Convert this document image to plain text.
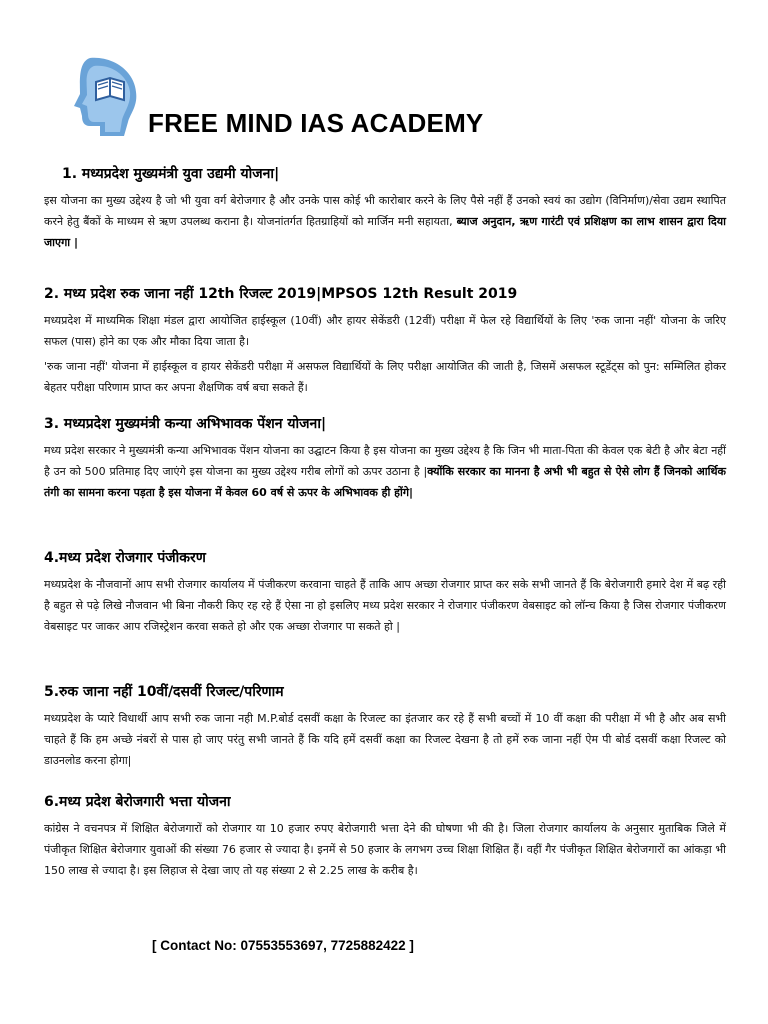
FREE MIND IAS ACADEMY
1. मध्यप्रदेश मुख्यमंत्री युवा उद्यमी योजना|

इस योजना का मुख्य उद्देश्य है जो भी युवा वर्ग बेरोजगार है और उनके पास कोई भी कारोबार करने के लिए पैसे नहीं हैं उनको स्वयं का उद्योग (विनिर्माण)/सेवा उद्यम स्थापित करने हेतु बैंकों के माध्यम से ऋण उपलब्ध कराना है। योजनांतर्गत हितग्राहियों को मार्जिन मनी सहायता, ब्याज अनुदान, ऋण गारंटी एवं प्रशिक्षण का लाभ शासन द्वारा दिया जाएगा |

2. मध्य प्रदेश रुक जाना नहीं 12th रिजल्ट 2019|MPSOS 12th Result 2019

मध्यप्रदेश में माध्यमिक शिक्षा मंडल द्वारा आयोजित हाईस्कूल (10वीं) और हायर सेकेंडरी (12वीं) परीक्षा में फेल रहे विद्यार्थियों के लिए 'रुक जाना नहीं' योजना के जरिए सफल (पास) होने का एक और मौका दिया जाता है।

'रुक जाना नहीं' योजना में हाईस्कूल व हायर सेकेंडरी परीक्षा में असफल विद्यार्थियों के लिए परीक्षा आयोजित की जाती है, जिसमें असफल स्टूडेंट्स को पुन: सम्मिलित होकर बेहतर परीक्षा परिणाम प्राप्त कर अपना शैक्षणिक वर्ष बचा सकते हैं।

3. मध्यप्रदेश मुख्यमंत्री कन्या अभिभावक पेंशन योजना|

मध्य प्रदेश सरकार ने मुख्यमंत्री कन्या अभिभावक पेंशन योजना का उद्घाटन किया है इस योजना का मुख्य उद्देश्य है कि जिन भी माता-पिता की केवल एक बेटी है और बेटा नहीं है उन को 500 प्रतिमाह दिए जाएंगे इस योजना का मुख्य उद्देश्य गरीब लोगों को ऊपर उठाना है |क्योंकि सरकार का मानना है अभी भी बहुत से ऐसे लोग हैं जिनको आर्थिक तंगी का सामना करना पड़ता है इस योजना में केवल 60 वर्ष से ऊपर के अभिभावक ही होंगे|

4.मध्य प्रदेश रोजगार पंजीकरण

मध्यप्रदेश के नौजवानों आप सभी रोजगार कार्यालय में पंजीकरण करवाना चाहते हैं ताकि आप अच्छा रोजगार प्राप्त कर सके सभी जानते हैं कि बेरोजगारी हमारे देश में बढ़ रही है बहुत से पढ़े लिखे नौजवान भी बिना नौकरी किए रह रहे हैं ऐसा ना हो इसलिए मध्य प्रदेश सरकार ने रोजगार पंजीकरण वेबसाइट को लॉन्च किया है जिस रोजगार पंजीकरण वेबसाइट पर जाकर आप रजिस्ट्रेशन करवा सकते हो और एक अच्छा रोजगार पा सकते हो |

5.रुक जाना नहीं 10वीं/दसवीं रिजल्ट/परिणाम

मध्यप्रदेश के प्यारे विधार्थी आप सभी रुक जाना नही M.P.बोर्ड दसवीं कक्षा के रिजल्ट का इंतजार कर रहे हैं सभी बच्चों में 10 वीं कक्षा की परीक्षा में भी है और अब सभी चाहते हैं कि हम अच्छे नंबरों से पास हो जाए परंतु सभी जानते हैं कि यदि हमें दसवीं कक्षा का रिजल्ट देखना है तो हमें रुक जाना नहीं ऐम पी बोर्ड दसवीं कक्षा रिजल्ट को डाउनलोड करना होगा|

6.मध्य प्रदेश बेरोजगारी भत्ता योजना

कांग्रेस ने वचनपत्र में शिक्षित बेरोजगारों को रोजगार या 10 हजार रुपए बेरोजगारी भत्ता देने की घोषणा भी की है। जिला रोजगार कार्यालय के अनुसार मुताबिक जिले में पंजीकृत शिक्षित बेरोजगार युवाओं की संख्या 76 हजार से ज्यादा है। इनमें से 50 हजार के लगभग उच्च शिक्षा शिक्षित हैं। वहीं गैर पंजीकृत शिक्षित बेरोजगारों का आंकड़ा भी 150 लाख से ज्यादा है। इस लिहाज से देखा जाए तो यह संख्या 2 से 2.25 लाख के करीब है।

[ Contact No: 07553553697, 7725882422 ]
